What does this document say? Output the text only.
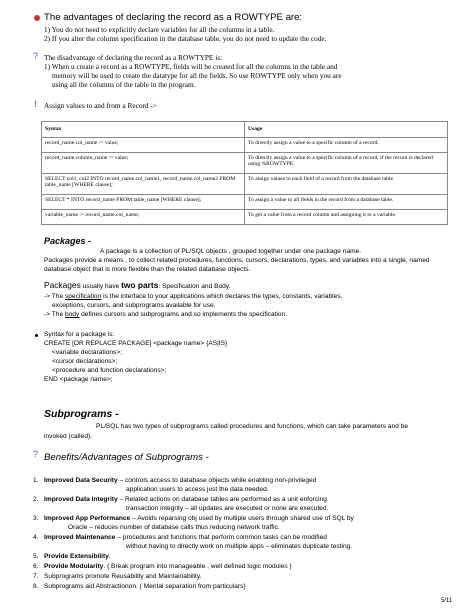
The advantages of declaring the record as a ROWTYPE are:
1) You do not need to explicitly declare variables for all the columns in a table.
2) If you alter the column specification in the database table, you do not need to update the code.
? The disadvantage of declaring the record as a ROWTYPE is:
1) When u create a record as a ROWTYPE, fields will be created for all the columns in the table and
memory will be used to create the datatype for all the fields. So use ROWTYPE only when you are
using all the columns of the table in the program.
! Assign values to and from a Record ->
Syntax	Usage
record_name.col_name := value;	To directly assign a value to a specific column of a record.
record_name.column_name := value;	To directly assign a value to a specific column of a record, if the record is declared using %ROWTYPE.
SELECT col1, col2 INTO record_name.col_name1, record_name.col_name2 FROM table_name [WHERE clause];	To assign values to each field of a record from the database table.
SELECT * INTO record_name FROM table_name [WHERE clause];	To assign a value to all fields in the record from a database table.
variable_name := record_name.col_name;	To get a value from a record column and assigning it to a variable.
Packages -
A package is a collection of PL/SQL objects , grouped together under one package name.
Packages provide a means , to collect related procedures, functions, cursors, declarations, types, and variables into a single, named
database object that is more flexible than the related database objects.
Packages usually have two parts: Specification and Body.
-> The specification is the interface to your applications which declares the types, constants, variables,
exceptions, cursors, and subprograms available for use.
-> The body defines cursors and subprograms and so implements the specification.
Syntax for a package is:
CREATE [OR REPLACE PACKAGE] <package name> {AS|IS}
<variable declarations>;
<cursor declarations>;
<procedure and function declarations>;
END <package name>;
Subprograms -
PL/SQL has two types of subprograms called procedures and functions, which can take parameters and be
invoked (called).
? Benefits/Advantages of Subprograms -
1. Improved Data Security – controls access to database objects while enabling non-privileged
application users to access just the data needed.
2. Improved Data Integrity – Related actions on database tables are performed as a unit enforcing
transaction integrity – all updates are executed or none are executed.
3. Improved App Performance – Avoids reparsing obj used by multiple users through shared use of SQL by
Oracle – reduces number of database calls thus reducing network traffic.
4. Improved Maintenance – procedures and functions that perform common tasks can be modified
without having to directly work on multiple apps – eliminates duplicate testing.
5. Provide Extensibility.
6. Provide Modularity. { Break program into manageable , well defined logic modules }
7. Subprograms promote Reusability and Maintainability.
8. Subprograms aid Abstractionon. { Mental separation from particulars}
5/11
